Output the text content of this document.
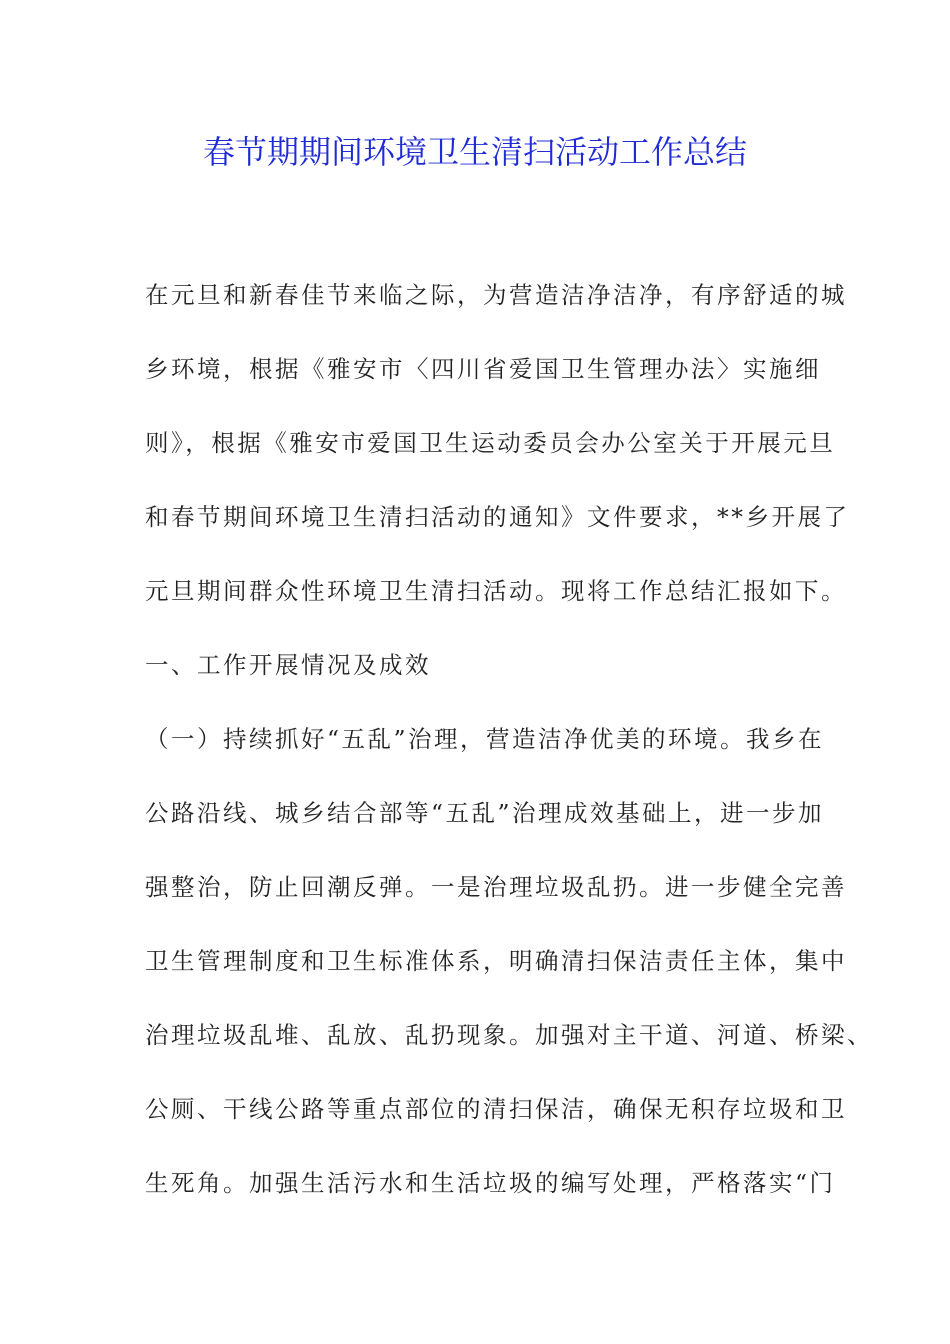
春节期期间环境卫生清扫活动工作总结
在元旦和新春佳节来临之际，为营造洁净洁净，有序舒适的城
乡环境，根据《雅安市〈四川省爱国卫生管理办法〉实施细
则》，根据《雅安市爱国卫生运动委员会办公室关于开展元旦
和春节期间环境卫生清扫活动的通知》文件要求，**乡开展了
元旦期间群众性环境卫生清扫活动。现将工作总结汇报如下。
一、工作开展情况及成效
（一）持续抓好“五乱”治理，营造洁净优美的环境。我乡在
公路沿线、城乡结合部等“五乱”治理成效基础上，进一步加
强整治，防止回潮反弹。一是治理垃圾乱扔。进一步健全完善
卫生管理制度和卫生标准体系，明确清扫保洁责任主体，集中
治理垃圾乱堆、乱放、乱扔现象。加强对主干道、河道、桥梁、
公厕、干线公路等重点部位的清扫保洁，确保无积存垃圾和卫
生死角。加强生活污水和生活垃圾的编写处理，严格落实“门
